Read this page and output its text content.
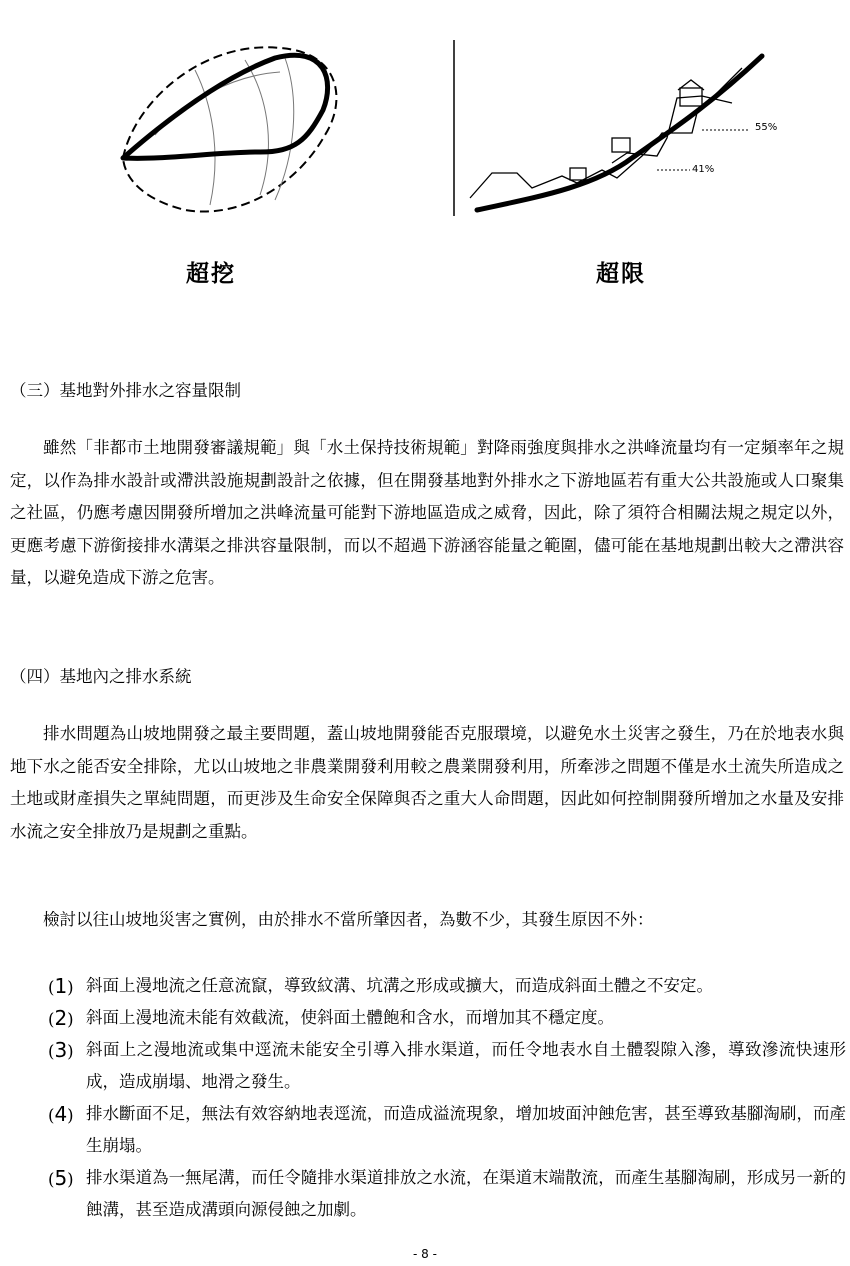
55%
41%
超挖	超限
（三）基地對外排水之容量限制

雖然「非都市土地開發審議規範」與「水土保持技術規範」對降雨強度與排水之洪峰流量均有一定頻率年之規定，以作為排水設計或滯洪設施規劃設計之依據，但在開發基地對外排水之下游地區若有重大公共設施或人口聚集之社區，仍應考慮因開發所增加之洪峰流量可能對下游地區造成之威脅，因此，除了須符合相關法規之規定以外，更應考慮下游銜接排水溝渠之排洪容量限制，而以不超過下游涵容能量之範圍，儘可能在基地規劃出較大之滯洪容量，以避免造成下游之危害。

（四）基地內之排水系統

排水問題為山坡地開發之最主要問題，蓋山坡地開發能否克服環境，以避免水土災害之發生，乃在於地表水與地下水之能否安全排除，尤以山坡地之非農業開發利用較之農業開發利用，所牽涉之問題不僅是水土流失所造成之土地或財產損失之單純問題，而更涉及生命安全保障與否之重大人命問題，因此如何控制開發所增加之水量及安排水流之安全排放乃是規劃之重點。

檢討以往山坡地災害之實例，由於排水不當所肇因者，為數不少，其發生原因不外：

(1) 斜面上漫地流之任意流竄，導致紋溝、坑溝之形成或擴大，而造成斜面土體之不安定。
(2) 斜面上漫地流未能有效截流，使斜面土體飽和含水，而增加其不穩定度。
(3) 斜面上之漫地流或集中逕流未能安全引導入排水渠道，而任令地表水自土體裂隙入滲，導致滲流快速形成，造成崩塌、地滑之發生。
(4) 排水斷面不足，無法有效容納地表逕流，而造成溢流現象，增加坡面沖蝕危害，甚至導致基腳淘刷，而產生崩塌。
(5) 排水渠道為一無尾溝，而任令隨排水渠道排放之水流，在渠道末端散流，而產生基腳淘刷，形成另一新的蝕溝，甚至造成溝頭向源侵蝕之加劇。
- 8 -
